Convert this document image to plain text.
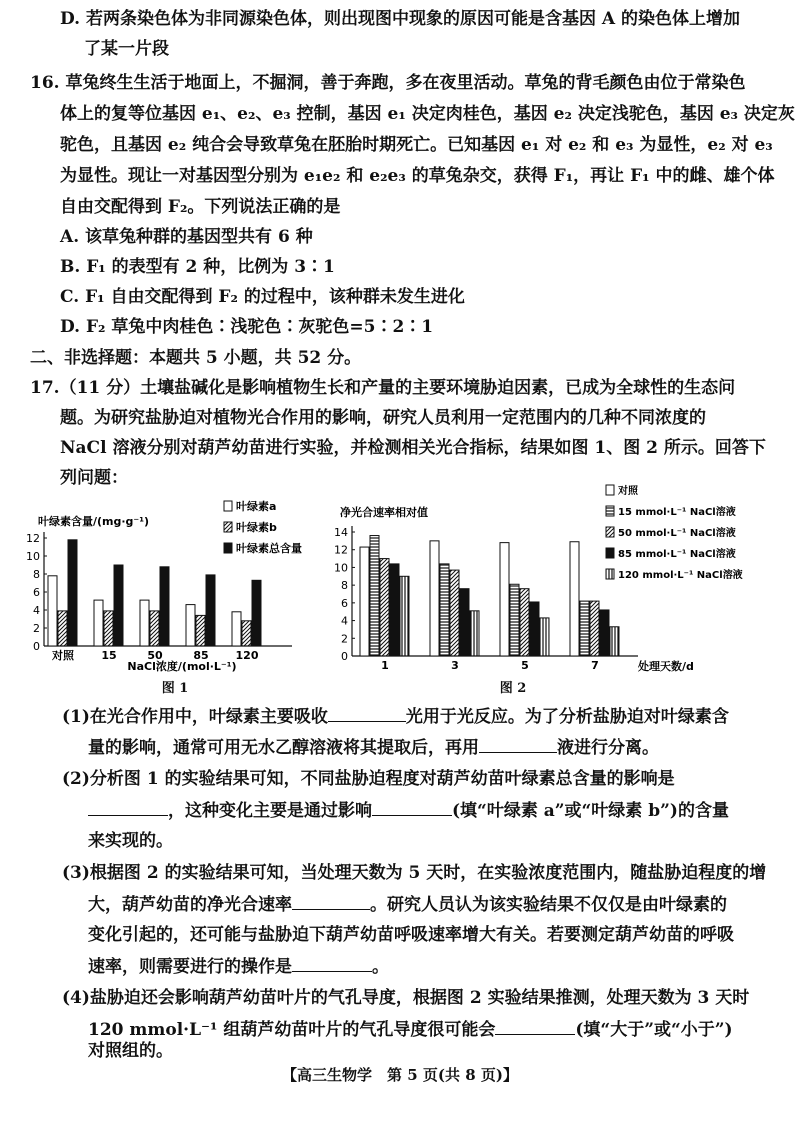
D. 若两条染色体为非同源染色体，则出现图中现象的原因可能是含基因 A 的染色体上增加
了某一片段
16. 草兔终生生活于地面上，不掘洞，善于奔跑，多在夜里活动。草兔的背毛颜色由位于常染色
体上的复等位基因 e₁、e₂、e₃ 控制，基因 e₁ 决定肉桂色，基因 e₂ 决定浅驼色，基因 e₃ 决定灰
驼色，且基因 e₂ 纯合会导致草兔在胚胎时期死亡。已知基因 e₁ 对 e₂ 和 e₃ 为显性，e₂ 对 e₃
为显性。现让一对基因型分别为 e₁e₂ 和 e₂e₃ 的草兔杂交，获得 F₁，再让 F₁ 中的雌、雄个体
自由交配得到 F₂。下列说法正确的是
A. 该草兔种群的基因型共有 6 种
B. F₁ 的表型有 2 种，比例为 3∶1
C. F₁ 自由交配得到 F₂ 的过程中，该种群未发生进化
D. F₂ 草兔中肉桂色∶浅驼色∶灰驼色=5∶2∶1
二、非选择题：本题共 5 小题，共 52 分。
17.（11 分）土壤盐碱化是影响植物生长和产量的主要环境胁迫因素，已成为全球性的生态问
题。为研究盐胁迫对植物光合作用的影响，研究人员利用一定范围内的几种不同浓度的
NaCl 溶液分别对葫芦幼苗进行实验，并检测相关光合指标，结果如图 1、图 2 所示。回答下
列问题：
叶绿素含量/(mg·g⁻¹)
0
2
4
6
8
10
12
对照 15	50	85 120
NaCl浓度/(mol·L⁻¹)
叶绿素a
叶绿素b
叶绿素总含量
图 1
净光合速率相对值
0
2
4
6
8
10
12
14
1	3	5	7	处理天数/d
对照
15 mmol·L⁻¹ NaCl溶液
50 mmol·L⁻¹ NaCl溶液
85 mmol·L⁻¹ NaCl溶液
120 mmol·L⁻¹ NaCl溶液
图 2
(1)在光合作用中，叶绿素主要吸收	光用于光反应。为了分析盐胁迫对叶绿素含
量的影响，通常可用无水乙醇溶液将其提取后，再用	液进行分离。
(2)分析图 1 的实验结果可知，不同盐胁迫程度对葫芦幼苗叶绿素总含量的影响是
，这种变化主要是通过影响	(填“叶绿素 a”或“叶绿素 b”)的含量
来实现的。
(3)根据图 2 的实验结果可知，当处理天数为 5 天时，在实验浓度范围内，随盐胁迫程度的增
大，葫芦幼苗的净光合速率	。研究人员认为该实验结果不仅仅是由叶绿素的
变化引起的，还可能与盐胁迫下葫芦幼苗呼吸速率增大有关。若要测定葫芦幼苗的呼吸
速率，则需要进行的操作是	。
(4)盐胁迫还会影响葫芦幼苗叶片的气孔导度，根据图 2 实验结果推测，处理天数为 3 天时
120 mmol·L⁻¹ 组葫芦幼苗叶片的气孔导度很可能会	(填“大于”或“小于”)
对照组的。
【高三生物学　第 5 页(共 8 页)】
